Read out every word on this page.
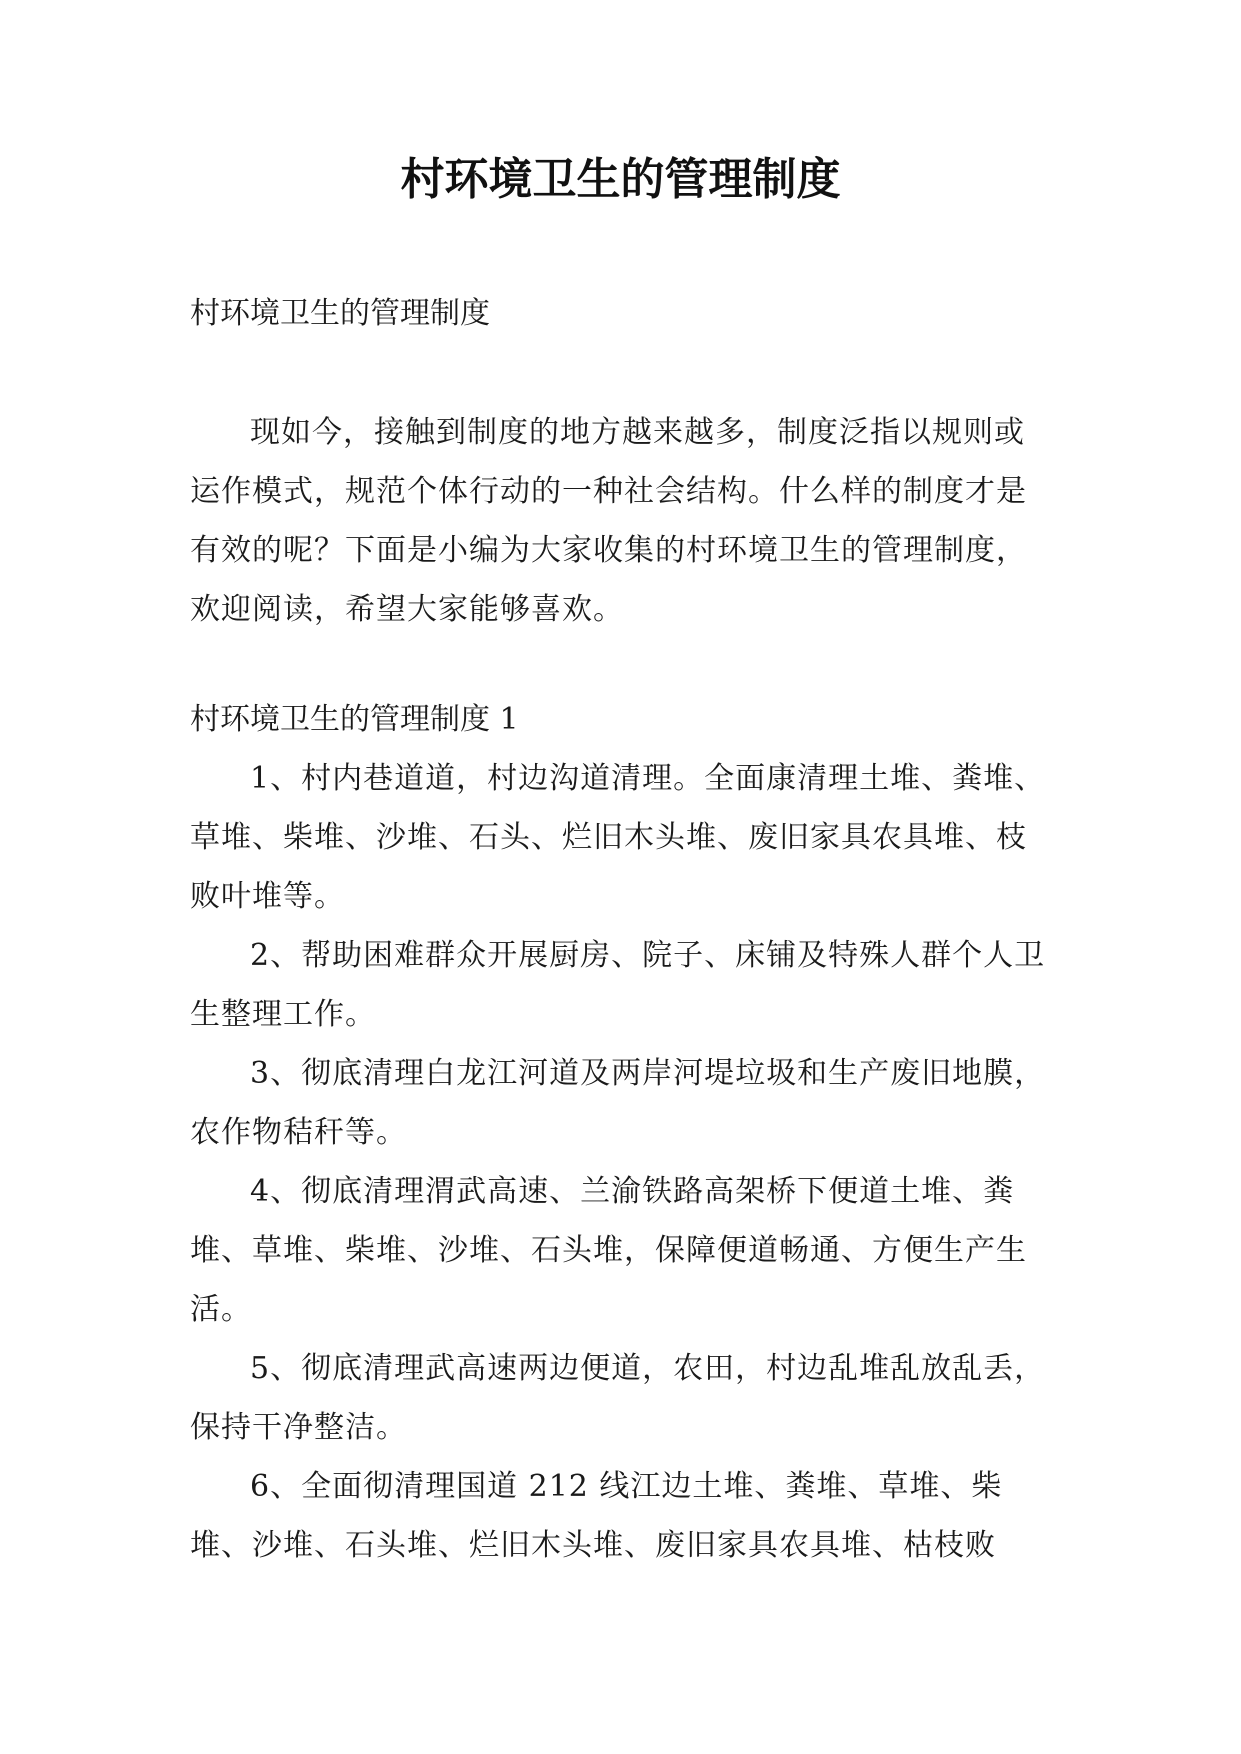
村环境卫生的管理制度
村环境卫生的管理制度

现如今，接触到制度的地方越来越多，制度泛指以规则或运作模式，规范个体行动的一种社会结构。什么样的制度才是有效的呢？下面是小编为大家收集的村环境卫生的管理制度，欢迎阅读，希望大家能够喜欢。

村环境卫生的管理制度 1

1、村内巷道道，村边沟道清理。全面康清理土堆、粪堆、草堆、柴堆、沙堆、石头、烂旧木头堆、废旧家具农具堆、枝败叶堆等。

2、帮助困难群众开展厨房、院子、床铺及特殊人群个人卫生整理工作。

3、彻底清理白龙江河道及两岸河堤垃圾和生产废旧地膜，农作物秸秆等。

4、彻底清理渭武高速、兰渝铁路高架桥下便道土堆、粪堆、草堆、柴堆、沙堆、石头堆，保障便道畅通、方便生产生活。

5、彻底清理武高速两边便道，农田，村边乱堆乱放乱丢，保持干净整洁。

6、全面彻清理国道 212 线江边土堆、粪堆、草堆、柴堆、沙堆、石头堆、烂旧木头堆、废旧家具农具堆、枯枝败
